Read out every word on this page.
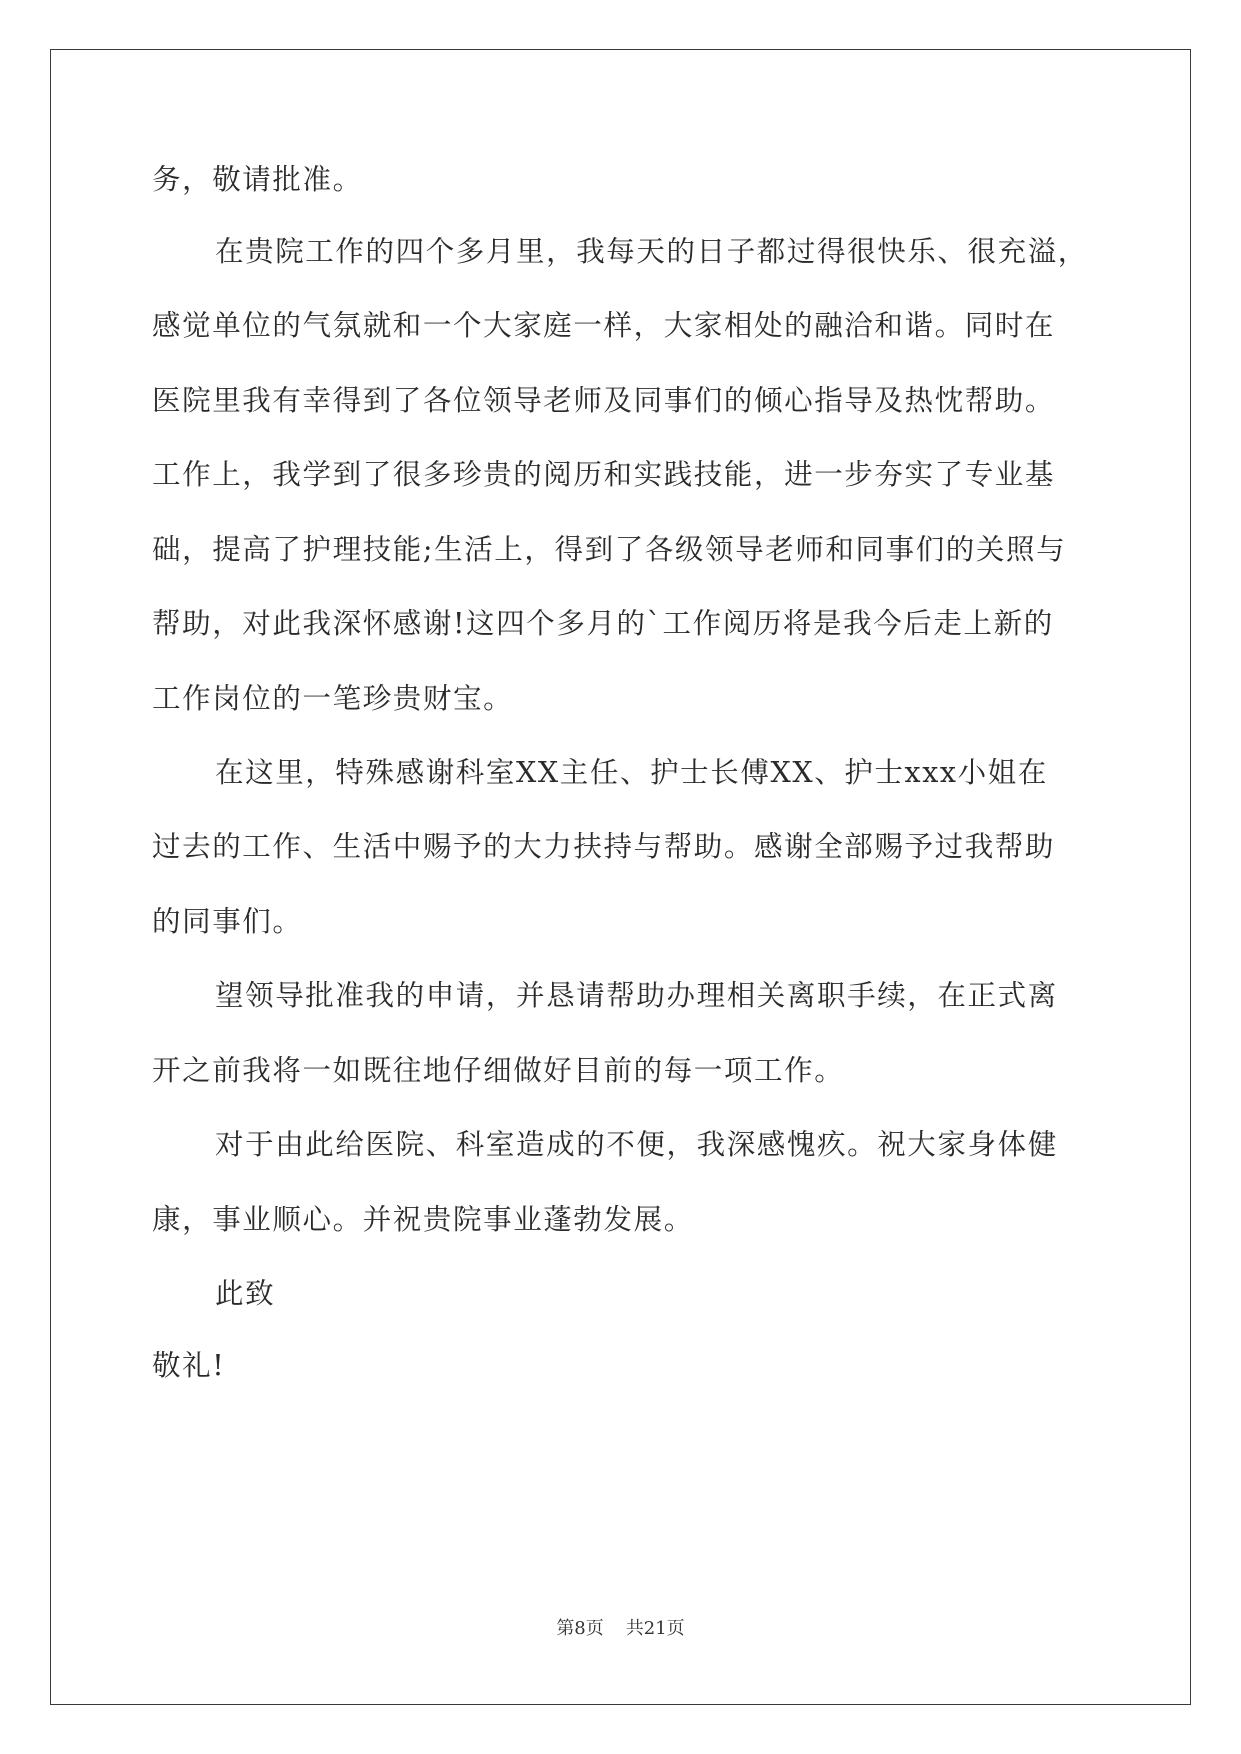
务，敬请批准。
在贵院工作的四个多月里，我每天的日子都过得很快乐、很充溢，
感觉单位的气氛就和一个大家庭一样，大家相处的融洽和谐。同时在
医院里我有幸得到了各位领导老师及同事们的倾心指导及热忱帮助。
工作上，我学到了很多珍贵的阅历和实践技能，进一步夯实了专业基
础，提高了护理技能;生活上，得到了各级领导老师和同事们的关照与
帮助，对此我深怀感谢!这四个多月的`工作阅历将是我今后走上新的
工作岗位的一笔珍贵财宝。
在这里，特殊感谢科室XX主任、护士长傅XX、护士xxx小姐在
过去的工作、生活中赐予的大力扶持与帮助。感谢全部赐予过我帮助
的同事们。
望领导批准我的申请，并恳请帮助办理相关离职手续，在正式离
开之前我将一如既往地仔细做好目前的每一项工作。
对于由此给医院、科室造成的不便，我深感愧疚。祝大家身体健
康，事业顺心。并祝贵院事业蓬勃发展。
此致
敬礼!
第8页 共21页
